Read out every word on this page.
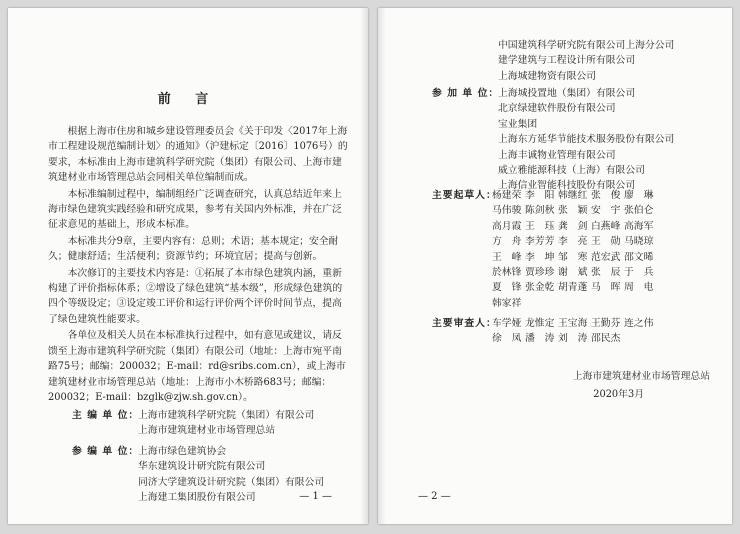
前 言

根据上海市住房和城乡建设管理委员会《关于印发〈2017年上海市工程建设规范编制计划〉的通知》（沪建标定〔2016〕1076号）的要求，本标准由上海市建筑科学研究院（集团）有限公司、上海市建筑建材业市场管理总站会同相关单位编制而成。

本标准编制过程中，编制组经广泛调查研究，认真总结近年来上海市绿色建筑实践经验和研究成果，参考有关国内外标准，并在广泛征求意见的基础上，形成本标准。

本标准共分9章，主要内容有：总则；术语；基本规定；安全耐久；健康舒适；生活便利；资源节约；环境宜居；提高与创新。

本次修订的主要技术内容是：①拓展了本市绿色建筑内涵，重新构建了评价指标体系；②增设了绿色建筑“基本级”，形成绿色建筑的四个等级设定；③设定竣工评价和运行评价两个评价时间节点，提高了绿色建筑性能要求。

各单位及相关人员在本标准执行过程中，如有意见或建议，请反馈至上海市建筑科学研究院（集团）有限公司（地址：上海市宛平南路75号；邮编：200032；E-mail：rd@sribs.com.cn），或上海市建筑建材业市场管理总站（地址：上海市小木桥路683号；邮编：200032；E-mail：bzglk@zjw.sh.gov.cn）。

主 编 单 位：
上海市建筑科学研究院（集团）有限公司
上海市建筑建材业市场管理总站
参 编 单 位：
上海市绿色建筑协会
华东建筑设计研究院有限公司
同济大学建筑设计研究院（集团）有限公司
上海建工集团股份有限公司	— 1 —
中国建筑科学研究院有限公司上海分公司
建学建筑与工程设计所有限公司
上海城建物资有限公司
参 加 单 位：
上海城投置地（集团）有限公司
北京绿建软件股份有限公司
宝业集团
上海东方延华节能技术服务股份有限公司
上海丰诚物业管理有限公司
威立雅能源科技（上海）有限公司
上海信业智能科技股份有限公司
主要起草人：
杨建荣 李　阳 韩继红 张　俊 廖　琳
马伟骏 陈剑秋 张　颖 安　宇 张伯仑
高月霞 王　珏 龚　剑 白燕峰 高海军
方　舟 李芳芳 李　亮 王　勋 马晓琼
王　峰 李　坤 邹　寒 范宏武 邵文晞
於林锋 贾珍珍 谢　斌 张　辰 于　兵
夏　锋 张金乾 胡青蓬 马　晖 周　电
韩家祥
主要审查人：
车学娅 龙惟定 王宝海 王勤芬 连之伟
徐　凤 潘　涛 刘　涛 邵民杰
上海市建筑建材业市场管理总站
2020年3月
— 2 —
